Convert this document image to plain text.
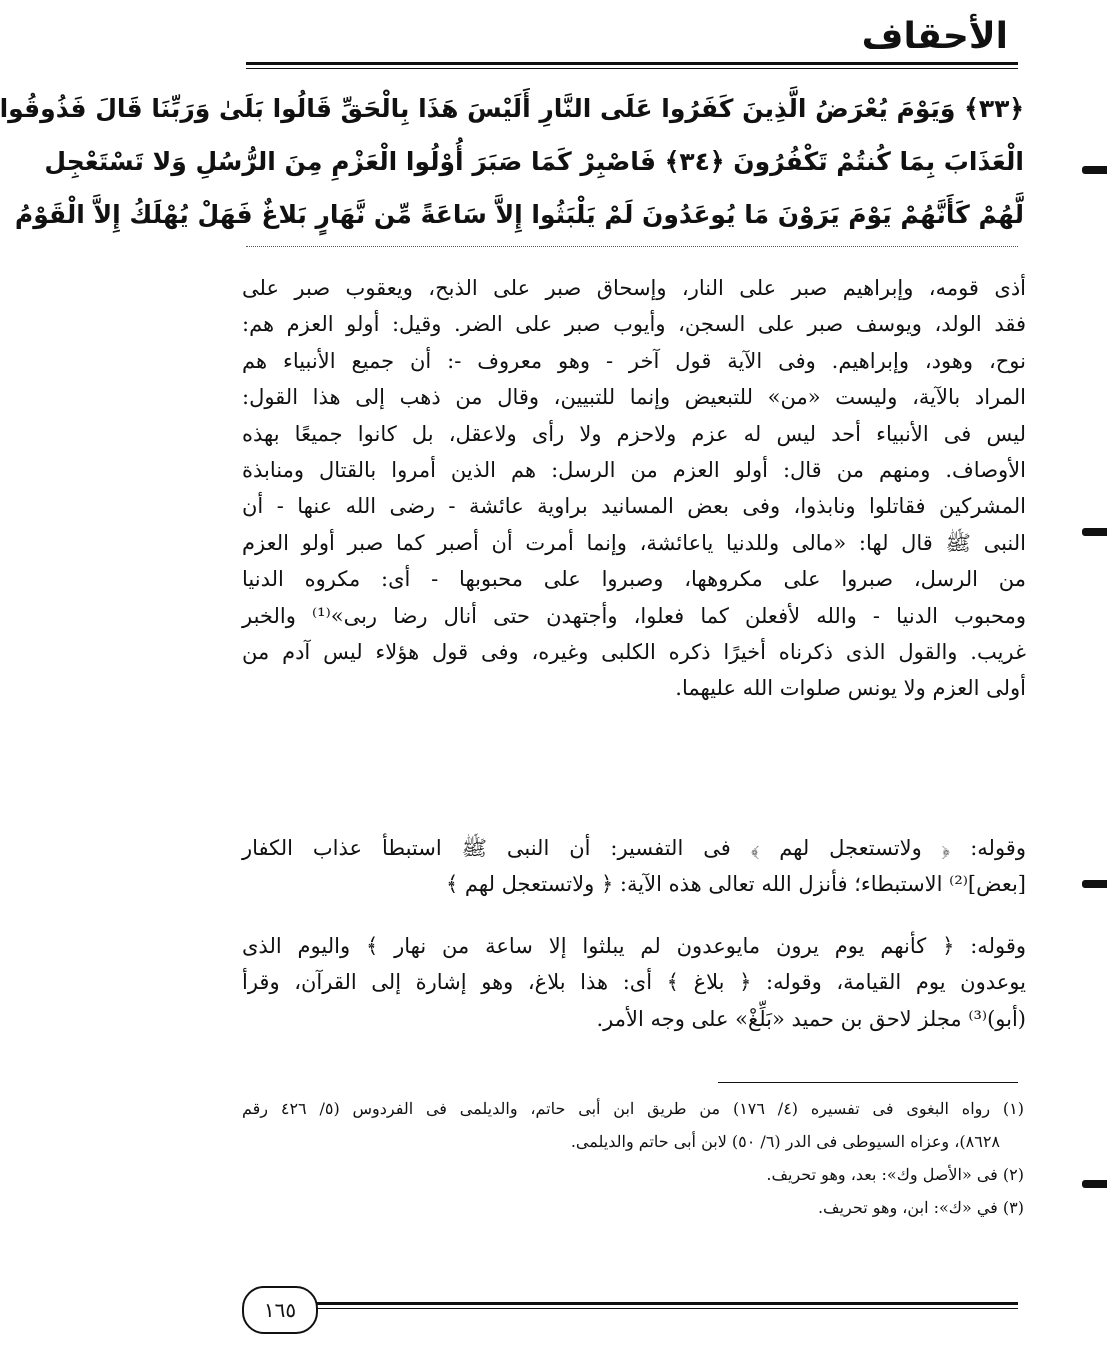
الأحقاف
﴿٣٣﴾ وَيَوْمَ يُعْرَضُ الَّذِينَ كَفَرُوا عَلَى النَّارِ أَلَيْسَ هَذَا بِالْحَقِّ قَالُوا بَلَىٰ وَرَبِّنَا قَالَ فَذُوقُوا
الْعَذَابَ بِمَا كُنتُمْ تَكْفُرُونَ ﴿٣٤﴾ فَاصْبِرْ كَمَا صَبَرَ أُوْلُوا الْعَزْمِ مِنَ الرُّسُلِ وَلا تَسْتَعْجِل
لَّهُمْ كَأَنَّهُمْ يَوْمَ يَرَوْنَ مَا يُوعَدُونَ لَمْ يَلْبَثُوا إِلاَّ سَاعَةً مِّن نَّهَارٍ بَلاغٌ فَهَلْ يُهْلَكُ إِلاَّ الْقَوْمُ
أذى قومه، وإبراهيم صبر على النار، وإسحاق صبر على الذبح، ويعقوب صبر على
فقد الولد، ويوسف صبر على السجن، وأيوب صبر على الضر. وقيل: أولو العزم هم:
نوح، وهود، وإبراهيم. وفى الآية قول آخر - وهو معروف -: أن جميع الأنبياء هم
المراد بالآية، وليست «من» للتبعيض وإنما للتبيين، وقال من ذهب إلى هذا القول:
ليس فى الأنبياء أحد ليس له عزم ولاحزم ولا رأى ولاعقل، بل كانوا جميعًا بهذه
الأوصاف. ومنهم من قال: أولو العزم من الرسل: هم الذين أمروا بالقتال ومنابذة
المشركين فقاتلوا ونابذوا، وفى بعض المسانيد براوية عائشة - رضى الله عنها - أن
النبى ﷺ قال لها: «مالى وللدنيا ياعائشة، وإنما أمرت أن أصبر كما صبر أولو العزم
من الرسل، صبروا على مكروهها، وصبروا على محبوبها - أى: مكروه الدنيا
ومحبوب الدنيا - والله لأفعلن كما فعلوا، وأجتهدن حتى أنال رضا ربى»⁽¹⁾ والخبر
غريب. والقول الذى ذكرناه أخيرًا ذكره الكلبى وغيره، وفى قول هؤلاء ليس آدم من
أولى العزم ولا يونس صلوات الله عليهما.
وقوله: ﴿ ولاتستعجل لهم ﴾ فى التفسير: أن النبى ﷺ استبطأ عذاب الكفار
[بعض]⁽²⁾ الاستبطاء؛ فأنزل الله تعالى هذه الآية: ﴿ ولاتستعجل لهم ﴾
وقوله: ﴿ كأنهم يوم يرون مايوعدون لم يبلثوا إلا ساعة من نهار ﴾ واليوم الذى
يوعدون يوم القيامة، وقوله: ﴿ بلاغ ﴾ أى: هذا بلاغ، وهو إشارة إلى القرآن، وقرأ
(أبو)⁽³⁾ مجلز لاحق بن حميد «بَلِّغْ» على وجه الأمر.
(١) رواه البغوى فى تفسيره (٤/ ١٧٦) من طريق ابن أبى حاتم، والديلمى فى الفردوس (٥/ ٤٢٦ رقم
٨٦٢٨)، وعزاه السيوطى فى الدر (٦/ ٥٠) لابن أبى حاتم والديلمى.
(٢) فى «الأصل وك»: بعد، وهو تحريف.
(٣) في «ك»: ابن، وهو تحريف.
١٦٥
